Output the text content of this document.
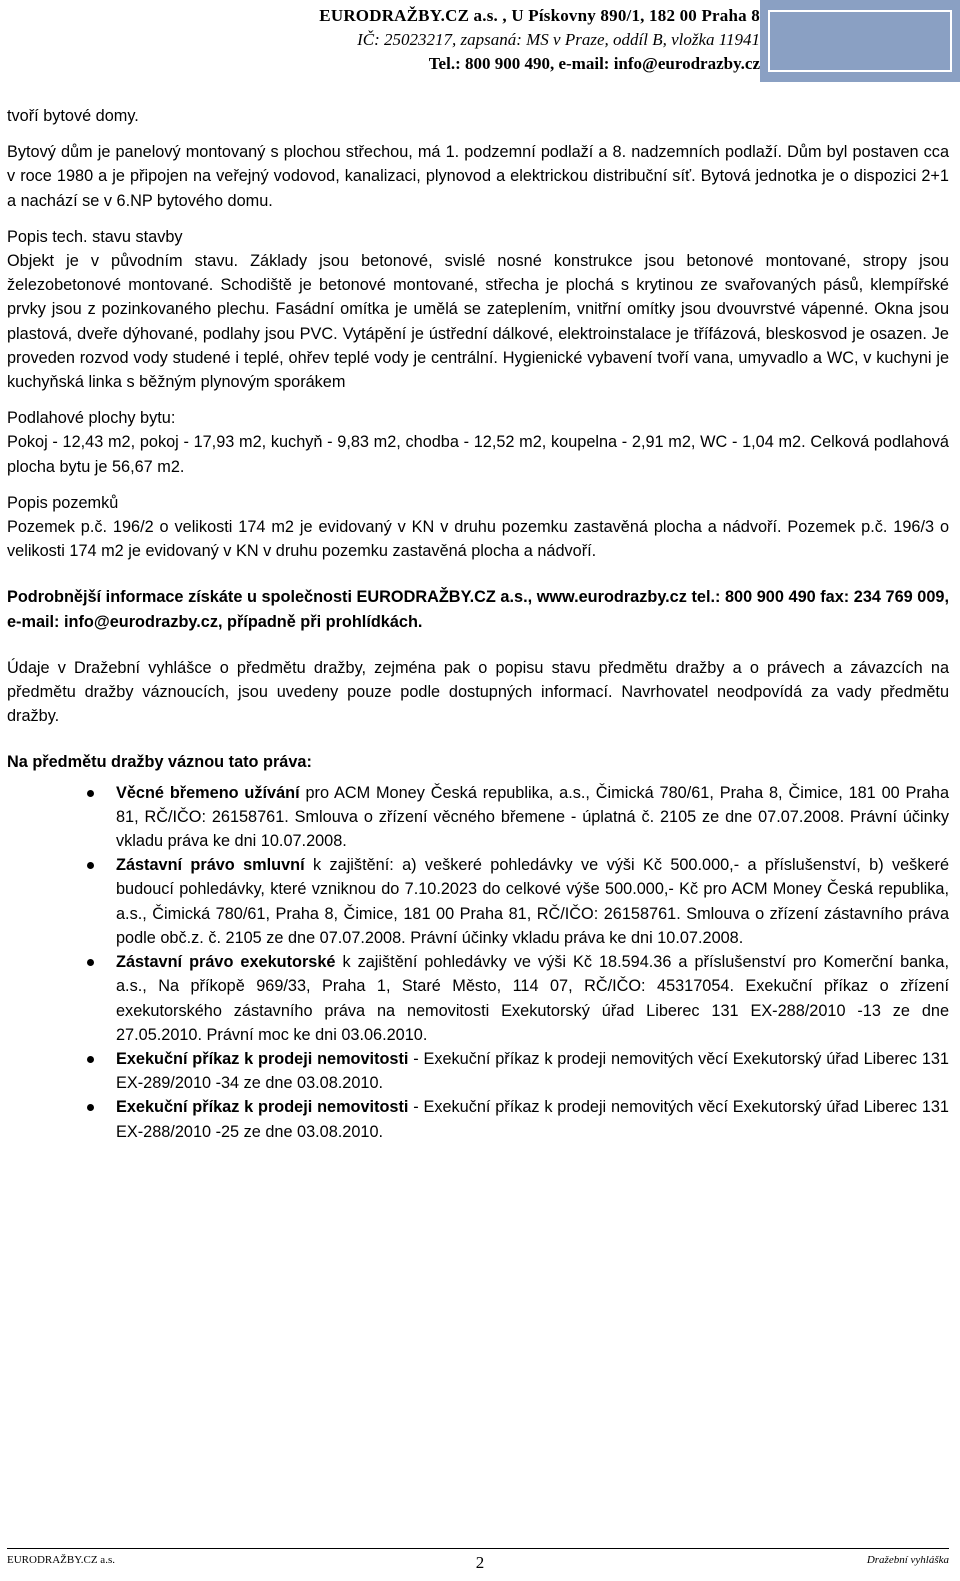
EURODRAŽBY.CZ a.s. , U Pískovny 890/1, 182 00 Praha 8
IČ: 25023217, zapsaná: MS v Praze, oddíl B, vložka 11941
Tel.: 800 900 490, e-mail: info@eurodrazby.cz

tvoří bytové domy.

Bytový dům je panelový montovaný s plochou střechou, má 1. podzemní podlaží a 8. nadzemních podlaží. Dům byl postaven cca v roce 1980 a je připojen na veřejný vodovod, kanalizaci, plynovod a elektrickou distribuční síť. Bytová jednotka je o dispozici 2+1 a nachází se v 6.NP bytového domu.

Popis tech. stavu stavby

Objekt je v původním stavu. Základy jsou betonové, svislé nosné konstrukce jsou betonové montované, stropy jsou železobetonové montované. Schodiště je betonové montované, střecha je plochá s krytinou ze svařovaných pásů, klempířské prvky jsou z pozinkovaného plechu. Fasádní omítka je umělá se zateplením, vnitřní omítky jsou dvouvrstvé vápenné. Okna jsou plastová, dveře dýhované, podlahy jsou PVC. Vytápění je ústřední dálkové, elektroinstalace je třífázová, bleskosvod je osazen. Je proveden rozvod vody studené i teplé, ohřev teplé vody je centrální. Hygienické vybavení tvoří vana, umyvadlo a WC, v kuchyni je kuchyňská linka s běžným plynovým sporákem

Podlahové plochy bytu:

Pokoj - 12,43 m2, pokoj - 17,93 m2, kuchyň - 9,83 m2, chodba - 12,52 m2, koupelna - 2,91 m2, WC - 1,04 m2. Celková podlahová plocha bytu je 56,67 m2.

Popis pozemků

Pozemek p.č. 196/2 o velikosti 174 m2 je evidovaný v KN v druhu pozemku zastavěná plocha a nádvoří. Pozemek p.č. 196/3 o velikosti 174 m2 je evidovaný v KN v druhu pozemku zastavěná plocha a nádvoří.

Podrobnější informace získáte u společnosti EURODRAŽBY.CZ a.s., www.eurodrazby.cz tel.: 800 900 490 fax: 234 769 009, e-mail: info@eurodrazby.cz, případně při prohlídkách.

Údaje v Dražební vyhlášce o předmětu dražby, zejména pak o popisu stavu předmětu dražby a o právech a závazcích na předmětu dražby váznoucích, jsou uvedeny pouze podle dostupných informací. Navrhovatel neodpovídá za vady předmětu dražby.

Na předmětu dražby váznou tato práva:

Věcné břemeno užívání pro ACM Money Česká republika, a.s., Čimická 780/61, Praha 8, Čimice, 181 00 Praha 81, RČ/IČO: 26158761. Smlouva o zřízení věcného břemene - úplatná č. 2105 ze dne 07.07.2008. Právní účinky vkladu práva ke dni 10.07.2008.
Zástavní právo smluvní k zajištění: a) veškeré pohledávky ve výši Kč 500.000,- a příslušenství, b) veškeré budoucí pohledávky, které vzniknou do 7.10.2023 do celkové výše 500.000,- Kč pro ACM Money Česká republika, a.s., Čimická 780/61, Praha 8, Čimice, 181 00 Praha 81, RČ/IČO: 26158761. Smlouva o zřízení zástavního práva podle obč.z. č. 2105 ze dne 07.07.2008. Právní účinky vkladu práva ke dni 10.07.2008.
Zástavní právo exekutorské k zajištění pohledávky ve výši Kč 18.594.36 a příslušenství pro Komerční banka, a.s., Na příkopě 969/33, Praha 1, Staré Město, 114 07, RČ/IČO: 45317054. Exekuční příkaz o zřízení exekutorského zástavního práva na nemovitosti Exekutorský úřad Liberec 131 EX-288/2010 -13 ze dne 27.05.2010. Právní moc ke dni 03.06.2010.
Exekuční příkaz k prodeji nemovitosti - Exekuční příkaz k prodeji nemovitých věcí Exekutorský úřad Liberec 131 EX-289/2010 -34 ze dne 03.08.2010.
Exekuční příkaz k prodeji nemovitosti - Exekuční příkaz k prodeji nemovitých věcí Exekutorský úřad Liberec 131 EX-288/2010 -25 ze dne 03.08.2010.
EURODRAŽBY.CZ a.s.	2	Dražební vyhláška
